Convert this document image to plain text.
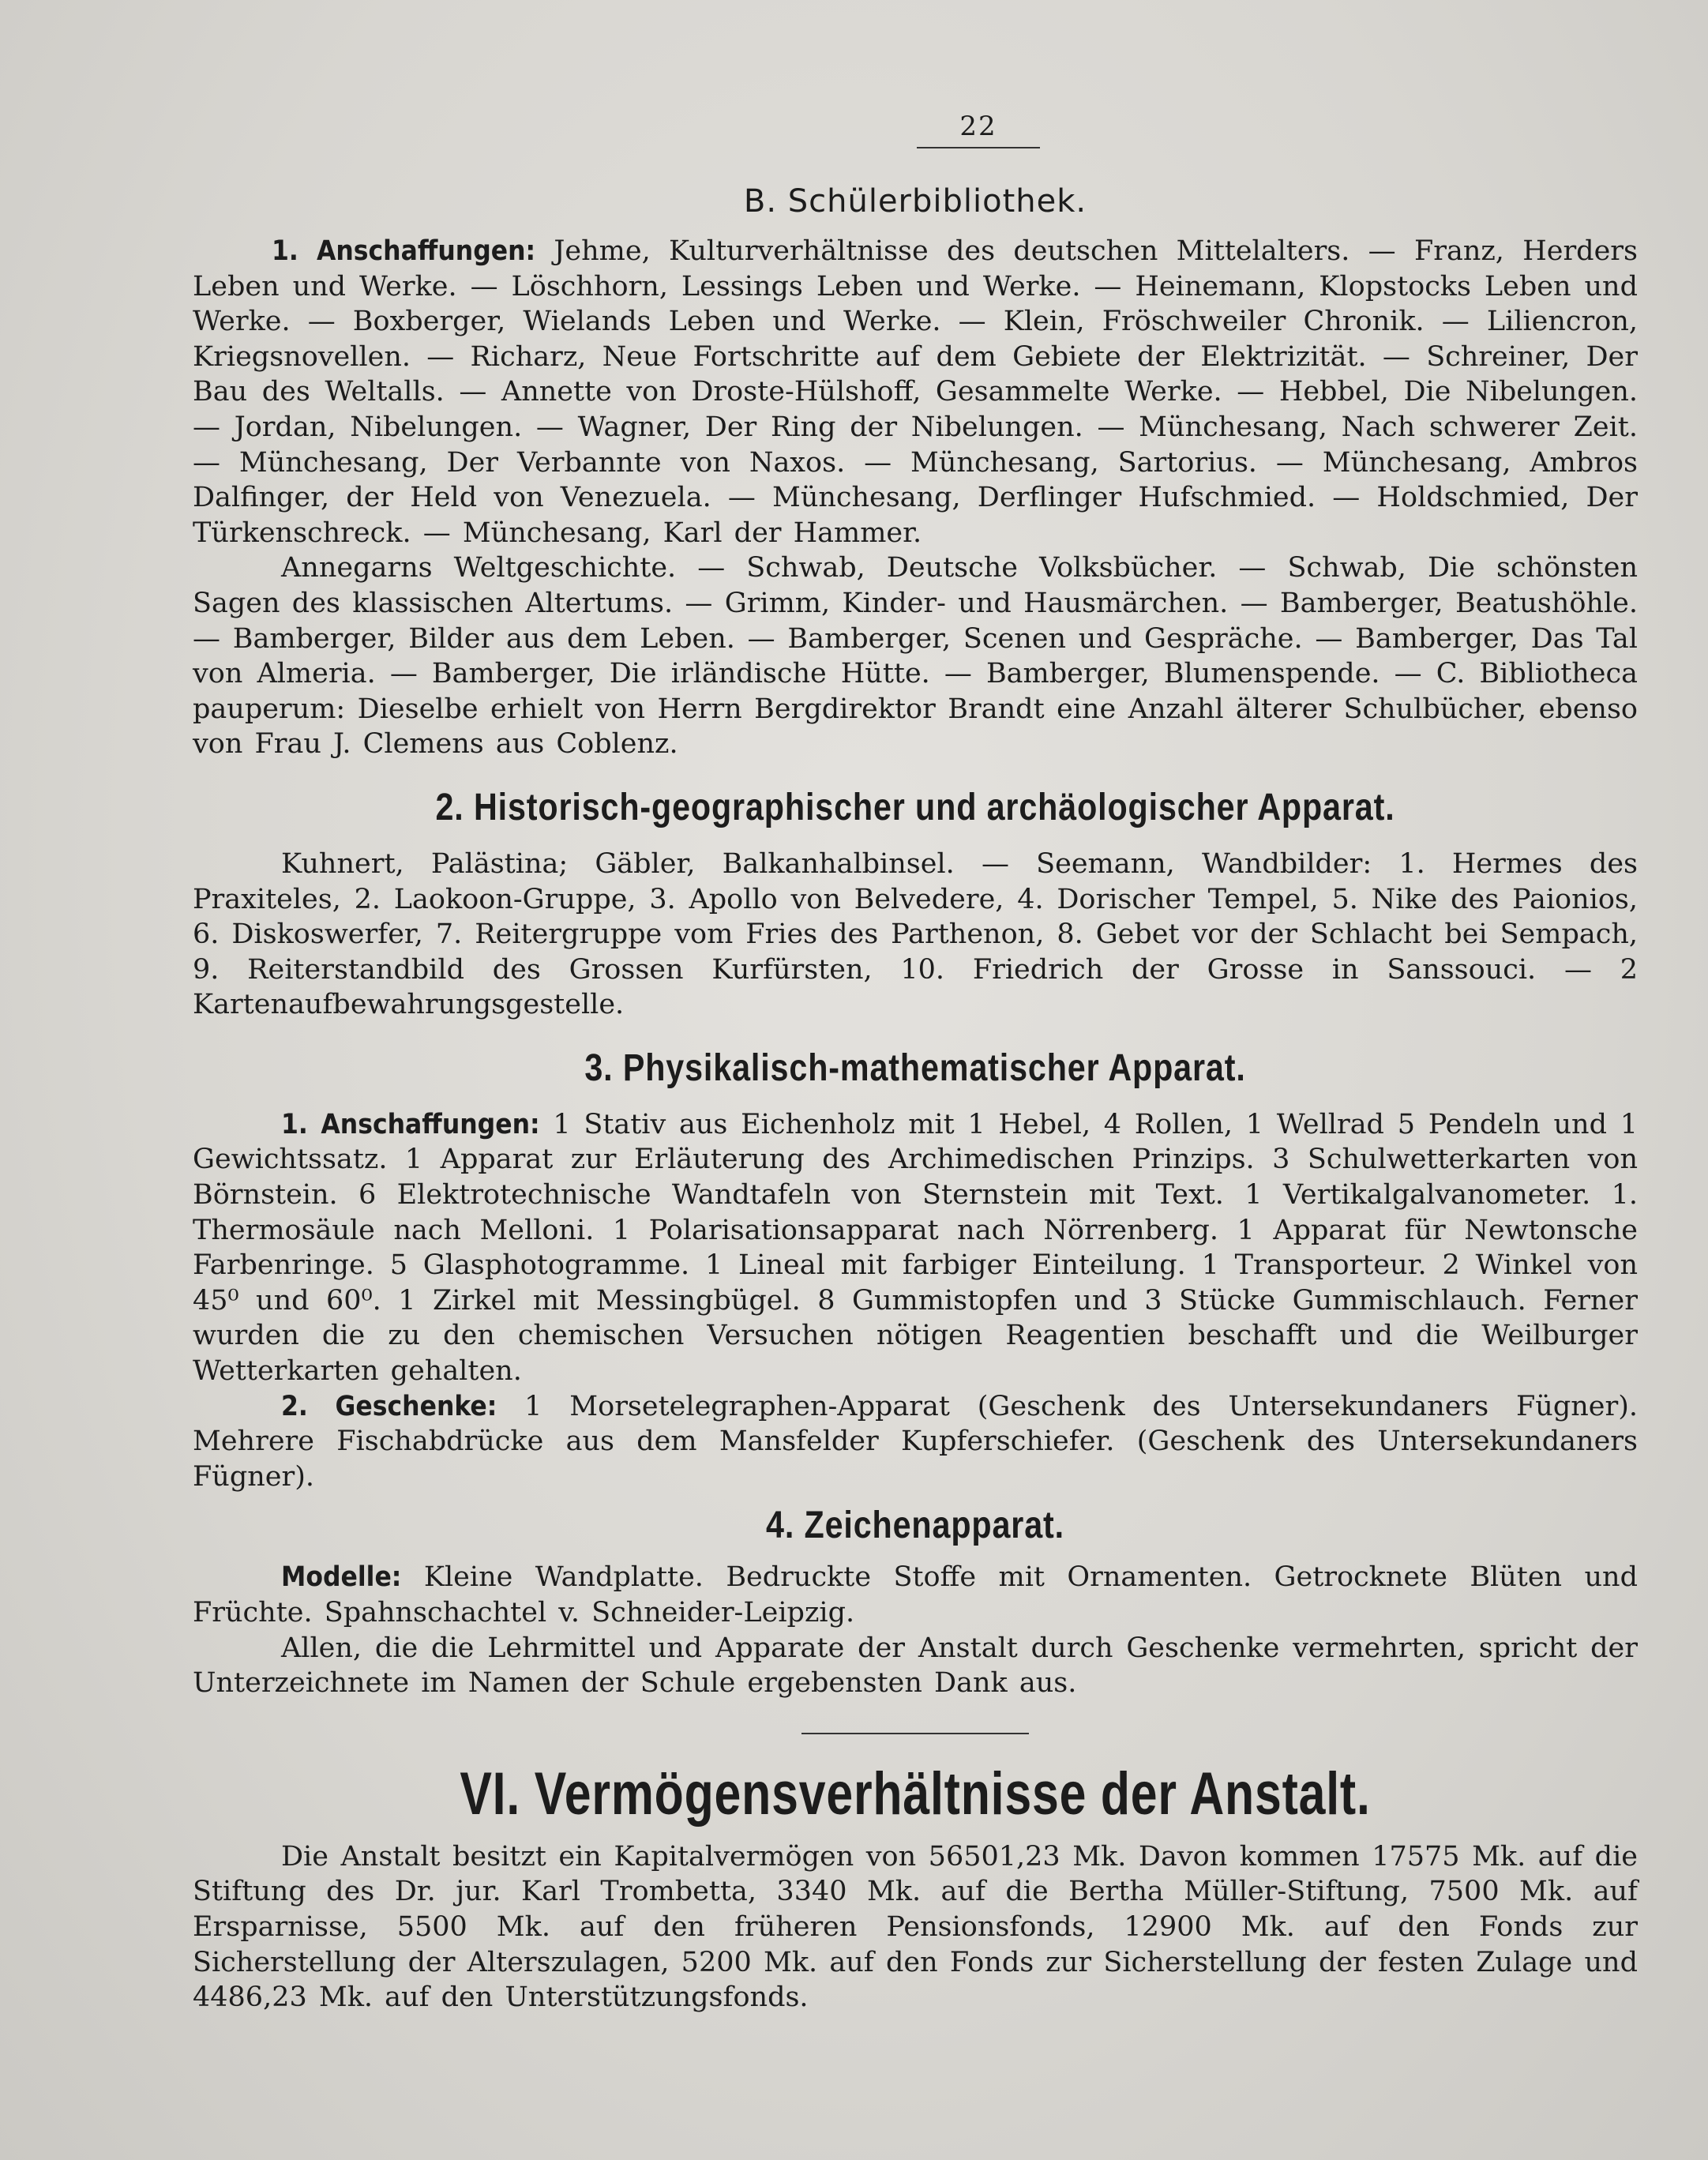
22
B. Schülerbibliothek.

1. Anschaffungen: Jehme, Kulturverhältnisse des deutschen Mittelalters. — Franz, Herders Leben und Werke. — Löschhorn, Lessings Leben und Werke. — Heinemann, Klopstocks Leben und Werke. — Boxberger, Wielands Leben und Werke. — Klein, Fröschweiler Chronik. — Liliencron, Kriegsnovellen. — Richarz, Neue Fortschritte auf dem Gebiete der Elektrizität. — Schreiner, Der Bau des Weltalls. — Annette von Droste-Hülshoff, Gesammelte Werke. — Hebbel, Die Nibelungen. — Jordan, Nibelungen. — Wagner, Der Ring der Nibelungen. — Münchesang, Nach schwerer Zeit. — Münchesang, Der Verbannte von Naxos. — Münchesang, Sartorius. — Münchesang, Ambros Dalfinger, der Held von Venezuela. — Münchesang, Derflinger Hufschmied. — Holdschmied, Der Türkenschreck. — Münchesang, Karl der Hammer.

Annegarns Weltgeschichte. — Schwab, Deutsche Volksbücher. — Schwab, Die schönsten Sagen des klassischen Altertums. — Grimm, Kinder- und Hausmärchen. — Bamberger, Beatushöhle. — Bamberger, Bilder aus dem Leben. — Bamberger, Scenen und Gespräche. — Bamberger, Das Tal von Almeria. — Bamberger, Die irländische Hütte. — Bamberger, Blumenspende. — C. Bibliotheca pauperum: Dieselbe erhielt von Herrn Bergdirektor Brandt eine Anzahl älterer Schulbücher, ebenso von Frau J. Clemens aus Coblenz.

2. Historisch-geographischer und archäologischer Apparat.

Kuhnert, Palästina; Gäbler, Balkanhalbinsel. — Seemann, Wandbilder: 1. Hermes des Praxiteles, 2. Laokoon-Gruppe, 3. Apollo von Belvedere, 4. Dorischer Tempel, 5. Nike des Paionios, 6. Diskoswerfer, 7. Reitergruppe vom Fries des Parthenon, 8. Gebet vor der Schlacht bei Sempach, 9. Reiterstandbild des Grossen Kurfürsten, 10. Friedrich der Grosse in Sanssouci. — 2 Kartenaufbewahrungsgestelle.

3. Physikalisch-mathematischer Apparat.

1. Anschaffungen: 1 Stativ aus Eichenholz mit 1 Hebel, 4 Rollen, 1 Wellrad 5 Pendeln und 1 Gewichtssatz. 1 Apparat zur Erläuterung des Archimedischen Prinzips. 3 Schulwetterkarten von Börnstein. 6 Elektrotechnische Wandtafeln von Sternstein mit Text. 1 Vertikalgalvanometer. 1. Thermosäule nach Melloni. 1 Polarisationsapparat nach Nörrenberg. 1 Apparat für Newtonsche Farbenringe. 5 Glasphotogramme. 1 Lineal mit farbiger Einteilung. 1 Transporteur. 2 Winkel von 45⁰ und 60⁰. 1 Zirkel mit Messingbügel. 8 Gummistopfen und 3 Stücke Gummischlauch. Ferner wurden die zu den chemischen Versuchen nötigen Reagentien beschafft und die Weilburger Wetterkarten gehalten.

2. Geschenke: 1 Morsetelegraphen-Apparat (Geschenk des Untersekundaners Fügner). Mehrere Fischabdrücke aus dem Mansfelder Kupferschiefer. (Geschenk des Untersekundaners Fügner).

4. Zeichenapparat.

Modelle: Kleine Wandplatte. Bedruckte Stoffe mit Ornamenten. Getrocknete Blüten und Früchte. Spahnschachtel v. Schneider-Leipzig.

Allen, die die Lehrmittel und Apparate der Anstalt durch Geschenke vermehrten, spricht der Unterzeichnete im Namen der Schule ergebensten Dank aus.

VI. Vermögensverhältnisse der Anstalt.

Die Anstalt besitzt ein Kapitalvermögen von 56501,23 Mk. Davon kommen 17575 Mk. auf die Stiftung des Dr. jur. Karl Trombetta, 3340 Mk. auf die Bertha Müller-Stiftung, 7500 Mk. auf Ersparnisse, 5500 Mk. auf den früheren Pensionsfonds, 12900 Mk. auf den Fonds zur Sicherstellung der Alterszulagen, 5200 Mk. auf den Fonds zur Sicherstellung der festen Zulage und 4486,23 Mk. auf den Unterstützungsfonds.
